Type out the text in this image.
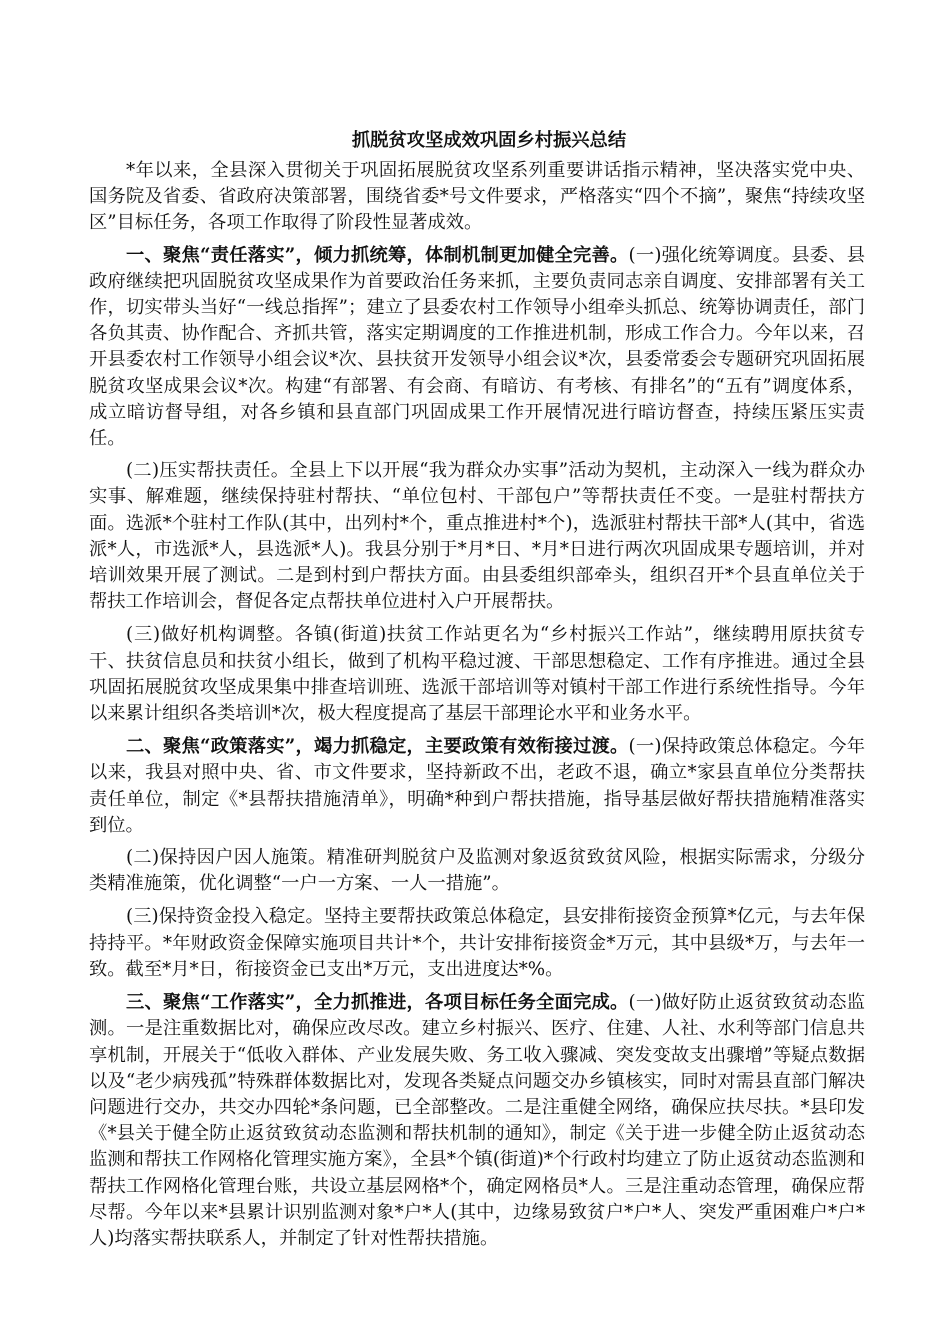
抓脱贫攻坚成效巩固乡村振兴总结

*年以来，全县深入贯彻关于巩固拓展脱贫攻坚系列重要讲话指示精神，坚决落实党中央、国务院及省委、省政府决策部署，围绕省委*号文件要求，严格落实“四个不摘”，聚焦“持续攻坚区”目标任务，各项工作取得了阶段性显著成效。

一、聚焦“责任落实”，倾力抓统筹，体制机制更加健全完善。(一)强化统筹调度。县委、县政府继续把巩固脱贫攻坚成果作为首要政治任务来抓，主要负责同志亲自调度、安排部署有关工作，切实带头当好“一线总指挥”；建立了县委农村工作领导小组牵头抓总、统筹协调责任，部门各负其责、协作配合、齐抓共管，落实定期调度的工作推进机制，形成工作合力。今年以来，召开县委农村工作领导小组会议*次、县扶贫开发领导小组会议*次，县委常委会专题研究巩固拓展脱贫攻坚成果会议*次。构建“有部署、有会商、有暗访、有考核、有排名”的“五有”调度体系，成立暗访督导组，对各乡镇和县直部门巩固成果工作开展情况进行暗访督查，持续压紧压实责任。

(二)压实帮扶责任。全县上下以开展“我为群众办实事”活动为契机，主动深入一线为群众办实事、解难题，继续保持驻村帮扶、“单位包村、干部包户”等帮扶责任不变。一是驻村帮扶方面。选派*个驻村工作队(其中，出列村*个，重点推进村*个)，选派驻村帮扶干部*人(其中，省选派*人，市选派*人，县选派*人)。我县分别于*月*日、*月*日进行两次巩固成果专题培训，并对培训效果开展了测试。二是到村到户帮扶方面。由县委组织部牵头，组织召开*个县直单位关于帮扶工作培训会，督促各定点帮扶单位进村入户开展帮扶。

(三)做好机构调整。各镇(街道)扶贫工作站更名为“乡村振兴工作站”，继续聘用原扶贫专干、扶贫信息员和扶贫小组长，做到了机构平稳过渡、干部思想稳定、工作有序推进。通过全县巩固拓展脱贫攻坚成果集中排查培训班、选派干部培训等对镇村干部工作进行系统性指导。今年以来累计组织各类培训*次，极大程度提高了基层干部理论水平和业务水平。

二、聚焦“政策落实”，竭力抓稳定，主要政策有效衔接过渡。(一)保持政策总体稳定。今年以来，我县对照中央、省、市文件要求，坚持新政不出，老政不退，确立*家县直单位分类帮扶责任单位，制定《*县帮扶措施清单》，明确*种到户帮扶措施，指导基层做好帮扶措施精准落实到位。

(二)保持因户因人施策。精准研判脱贫户及监测对象返贫致贫风险，根据实际需求，分级分类精准施策，优化调整“一户一方案、一人一措施”。

(三)保持资金投入稳定。坚持主要帮扶政策总体稳定，县安排衔接资金预算*亿元，与去年保持持平。*年财政资金保障实施项目共计*个，共计安排衔接资金*万元，其中县级*万，与去年一致。截至*月*日，衔接资金已支出*万元，支出进度达*%。

三、聚焦“工作落实”，全力抓推进，各项目标任务全面完成。(一)做好防止返贫致贫动态监测。一是注重数据比对，确保应改尽改。建立乡村振兴、医疗、住建、人社、水利等部门信息共享机制，开展关于“低收入群体、产业发展失败、务工收入骤减、突发变故支出骤增”等疑点数据以及“老少病残孤”特殊群体数据比对，发现各类疑点问题交办乡镇核实，同时对需县直部门解决问题进行交办，共交办四轮*条问题，已全部整改。二是注重健全网络，确保应扶尽扶。*县印发《*县关于健全防止返贫致贫动态监测和帮扶机制的通知》，制定《关于进一步健全防止返贫动态监测和帮扶工作网格化管理实施方案》，全县*个镇(街道)*个行政村均建立了防止返贫动态监测和帮扶工作网格化管理台账，共设立基层网格*个，确定网格员*人。三是注重动态管理，确保应帮尽帮。今年以来*县累计识别监测对象*户*人(其中，边缘易致贫户*户*人、突发严重困难户*户*人)均落实帮扶联系人，并制定了针对性帮扶措施。
